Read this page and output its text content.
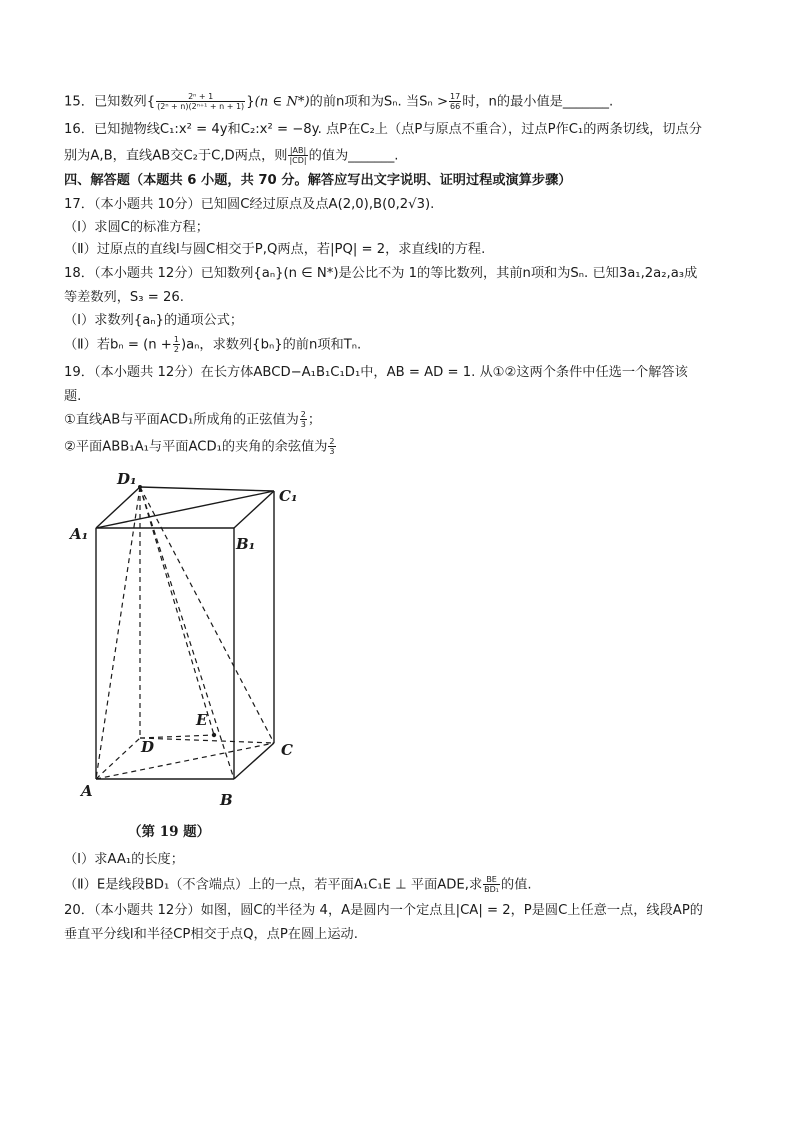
15．已知数列{ $\frac{\text{2ⁿ + 1}}{\text{(2ⁿ + n)(2ⁿ⁺¹ + n + 1)}} \}(n$ ∈ N*)的前n项和为Sₙ. 当$S_n > \frac{17}{66}$ 时，n的最小值是_______.
16．已知抛物线C₁:x² = 4y和C₂:x² = −8y. 点P在C₂上（点P与原点不重合），过点P作C₁的两条切线，切点分
别为A,B，直线AB交C₂于C,D两点，则 $\frac{|AB|}{|CD|}$ 的值为_______.
四、解答题（本题共 6 小题，共 70 分。解答应写出文字说明、证明过程或演算步骤）
17．（本小题共 10分）已知圆C经过原点及点A(2,0),B(0,2√3).
（Ⅰ）求圆C的标准方程；
（Ⅱ）过原点的直线l与圆C相交于P,Q两点，若|PQ| = 2，求直线l的方程.
18．（本小题共 12分）已知数列{aₙ}(n ∈ N*)是公比不为 1的等比数列，其前n项和为Sₙ. 已知3a₁,2a₂,a₃成
等差数列，S₃ = 26.
（Ⅰ）求数列{aₙ}的通项公式；
（Ⅱ）若$b_n = (n + \frac{1}{2} )a_n$，求数列{bₙ}的前n项和Tₙ.
19．（本小题共 12分）在长方体ABCD−A₁B₁C₁D₁中，AB = AD = 1. 从①②这两个条件中任选一个解答该
题.
①直线AB与平面ACD₁所成角的正弦值为 $\frac{2}{3}$ ；
②平面ABB₁A₁与平面ACD₁的夹角的余弦值为 $\frac{2}{3}$
D₁
C₁
A₁
B₁
E
D	C
A	B
（第 19 题）
（Ⅰ）求AA₁的长度；
（Ⅱ）E是线段BD₁（不含端点）上的一点，若平面A₁C₁E ⊥ 平面ADE,求 $\frac{BE}{\text{BD₁}}$ 的值.
20．（本小题共 12分）如图，圆C的半径为 4，A是圆内一个定点且|CA| = 2，P是圆C上任意一点，线段AP的
垂直平分线l和半径CP相交于点Q，点P在圆上运动.
